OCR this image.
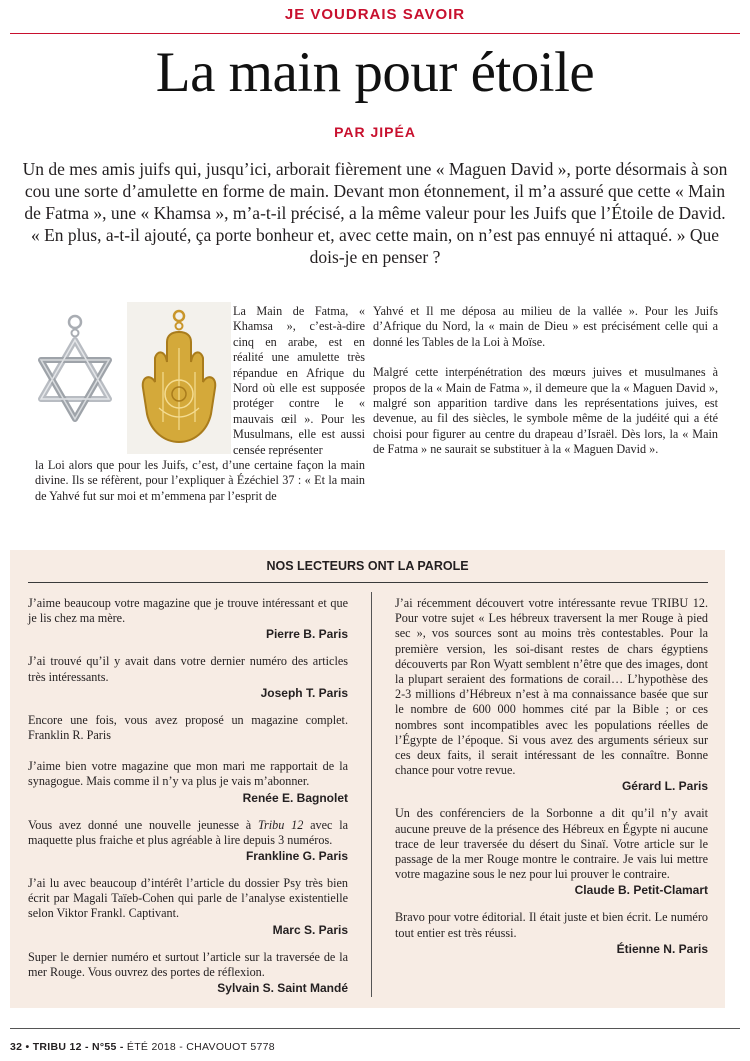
JE VOUDRAIS SAVOIR
La main pour étoile
PAR JIPÉA

Un de mes amis juifs qui, jusqu’ici, arborait fièrement une « Maguen David », porte désormais à son cou une sorte d’amulette en forme de main. Devant mon étonnement, il m’a assuré que cette « Main de Fatma », une « Khamsa », m’a-t-il précisé, a la même valeur pour les Juifs que l’Étoile de David. « En plus, a-t-il ajouté, ça porte bonheur et, avec cette main, on n’est pas ennuyé ni attaqué. » Que dois-je en penser ?

La Main de Fatma, « Khamsa », c’est-à-dire cinq en arabe, est en réalité une amulette très répandue en Afrique du Nord où elle est supposée protéger contre le « mauvais œil ». Pour les Musulmans, elle est aussi censée représenter

la Loi alors que pour les Juifs, c’est, d’une certaine façon la main divine. Ils se réfèrent, pour l’expliquer à Ézéchiel 37 : « Et la main de Yahvé fut sur moi et m’emmena par l’esprit de

Yahvé et Il me déposa au milieu de la vallée ». Pour les Juifs d’Afrique du Nord, la « main de Dieu » est précisément celle qui a donné les Tables de la Loi à Moïse.

Malgré cette interpénétration des mœurs juives et musulmanes à propos de la « Main de Fatma », il demeure que la « Maguen David », malgré son apparition tardive dans les représentations juives, est devenue, au fil des siècles, le symbole même de la judéité qui a été choisi pour figurer au centre du drapeau d’Israël. Dès lors, la « Main de Fatma » ne saurait se substituer à la « Maguen David ».

NOS LECTEURS ONT LA PAROLE

J’aime beaucoup votre magazine que je trouve intéressant et que je lis chez ma mère.

Pierre B. Paris

J’ai trouvé qu’il y avait dans votre dernier numéro des articles très intéressants.

Joseph T. Paris

Encore une fois, vous avez proposé un magazine complet. Franklin R. Paris

J’aime bien votre magazine que mon mari me rapportait de la synagogue. Mais comme il n’y va plus je vais m’abonner.

Renée E. Bagnolet

Vous avez donné une nouvelle jeunesse à Tribu 12 avec la maquette plus fraiche et plus agréable à lire depuis 3 numéros.

Frankline G. Paris

J’ai lu avec beaucoup d’intérêt l’article du dossier Psy très bien écrit par Magali Taïeb-Cohen qui parle de l’analyse existentielle selon Viktor Frankl. Captivant.

Marc S. Paris

Super le dernier numéro et surtout l’article sur la traversée de la mer Rouge. Vous ouvrez des portes de réflexion.

Sylvain S. Saint Mandé

J’ai récemment découvert votre intéressante revue TRIBU 12. Pour votre sujet « Les hébreux traversent la mer Rouge à pied sec », vos sources sont au moins très contestables. Pour la première version, les soi-disant restes de chars égyptiens découverts par Ron Wyatt semblent n’être que des images, dont la plupart seraient des formations de corail… L’hypothèse des 2-3 millions d’Hébreux n’est à ma connaissance basée que sur le nombre de 600 000 hommes cité par la Bible ; or ces nombres sont incompatibles avec les populations réelles de l’Égypte de l’époque. Si vous avez des arguments sérieux sur ces deux faits, il serait intéressant de les connaître. Bonne chance pour votre revue.

Gérard L. Paris

Un des conférenciers de la Sorbonne a dit qu’il n’y avait aucune preuve de la présence des Hébreux en Égypte ni aucune trace de leur traversée du désert du Sinaï. Votre article sur le passage de la mer Rouge montre le contraire. Je vais lui mettre votre magazine sous le nez pour lui prouver le contraire.

Claude B. Petit-Clamart

Bravo pour votre éditorial. Il était juste et bien écrit. Le numéro tout entier est très réussi.

Étienne N. Paris
32 • TRIBU 12 - N°55 - ÉTÉ 2018 - CHAVOUOT 5778
